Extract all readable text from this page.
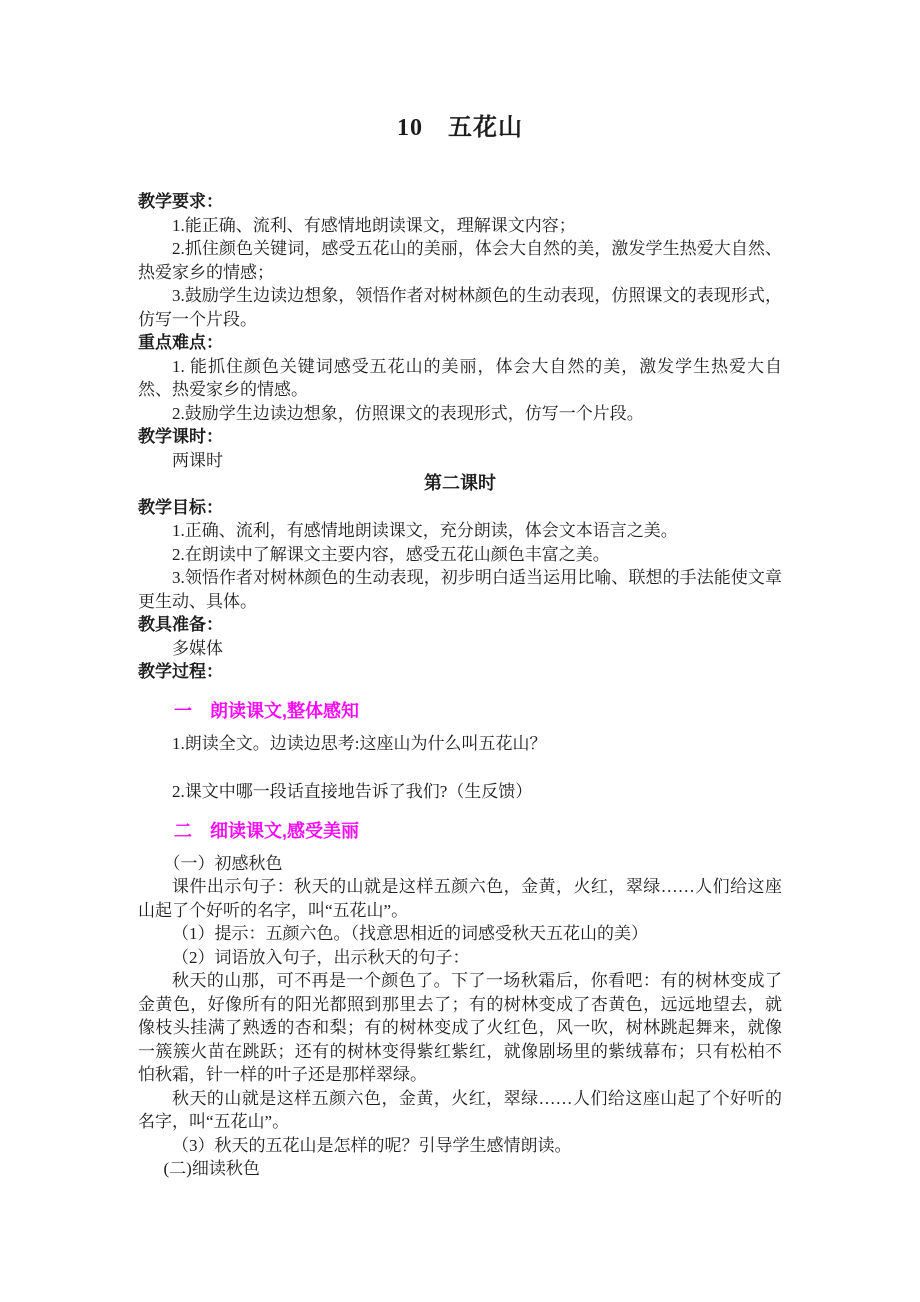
10　五花山
教学要求：
1.能正确、流利、有感情地朗读课文，理解课文内容；
2.抓住颜色关键词，感受五花山的美丽，体会大自然的美，激发学生热爱大自然、热爱家乡的情感；
3.鼓励学生边读边想象，领悟作者对树林颜色的生动表现，仿照课文的表现形式，仿写一个片段。
重点难点：
1. 能抓住颜色关键词感受五花山的美丽，体会大自然的美，激发学生热爱大自然、热爱家乡的情感。
2.鼓励学生边读边想象，仿照课文的表现形式，仿写一个片段。
教学课时：
两课时
第二课时
教学目标：
1.正确、流利，有感情地朗读课文，充分朗读，体会文本语言之美。
2.在朗读中了解课文主要内容，感受五花山颜色丰富之美。
3.领悟作者对树林颜色的生动表现，初步明白适当运用比喻、联想的手法能使文章更生动、具体。
教具准备：
多媒体
教学过程：
一　朗读课文,整体感知
1.朗读全文。边读边思考:这座山为什么叫五花山？
2.课文中哪一段话直接地告诉了我们?（生反馈）
二　细读课文,感受美丽
（一）初感秋色
课件出示句子：秋天的山就是这样五颜六色，金黄，火红，翠绿……人们给这座山起了个好听的名字，叫“五花山”。
（1）提示：五颜六色。（找意思相近的词感受秋天五花山的美）
（2）词语放入句子，出示秋天的句子：
秋天的山那，可不再是一个颜色了。下了一场秋霜后，你看吧：有的树林变成了金黄色，好像所有的阳光都照到那里去了；有的树林变成了杏黄色，远远地望去，就像枝头挂满了熟透的杏和梨；有的树林变成了火红色，风一吹，树林跳起舞来，就像一簇簇火苗在跳跃；还有的树林变得紫红紫红，就像剧场里的紫绒幕布；只有松柏不怕秋霜，针一样的叶子还是那样翠绿。
秋天的山就是这样五颜六色，金黄，火红，翠绿……人们给这座山起了个好听的名字，叫“五花山”。
（3）秋天的五花山是怎样的呢？引导学生感情朗读。
(二)细读秋色
